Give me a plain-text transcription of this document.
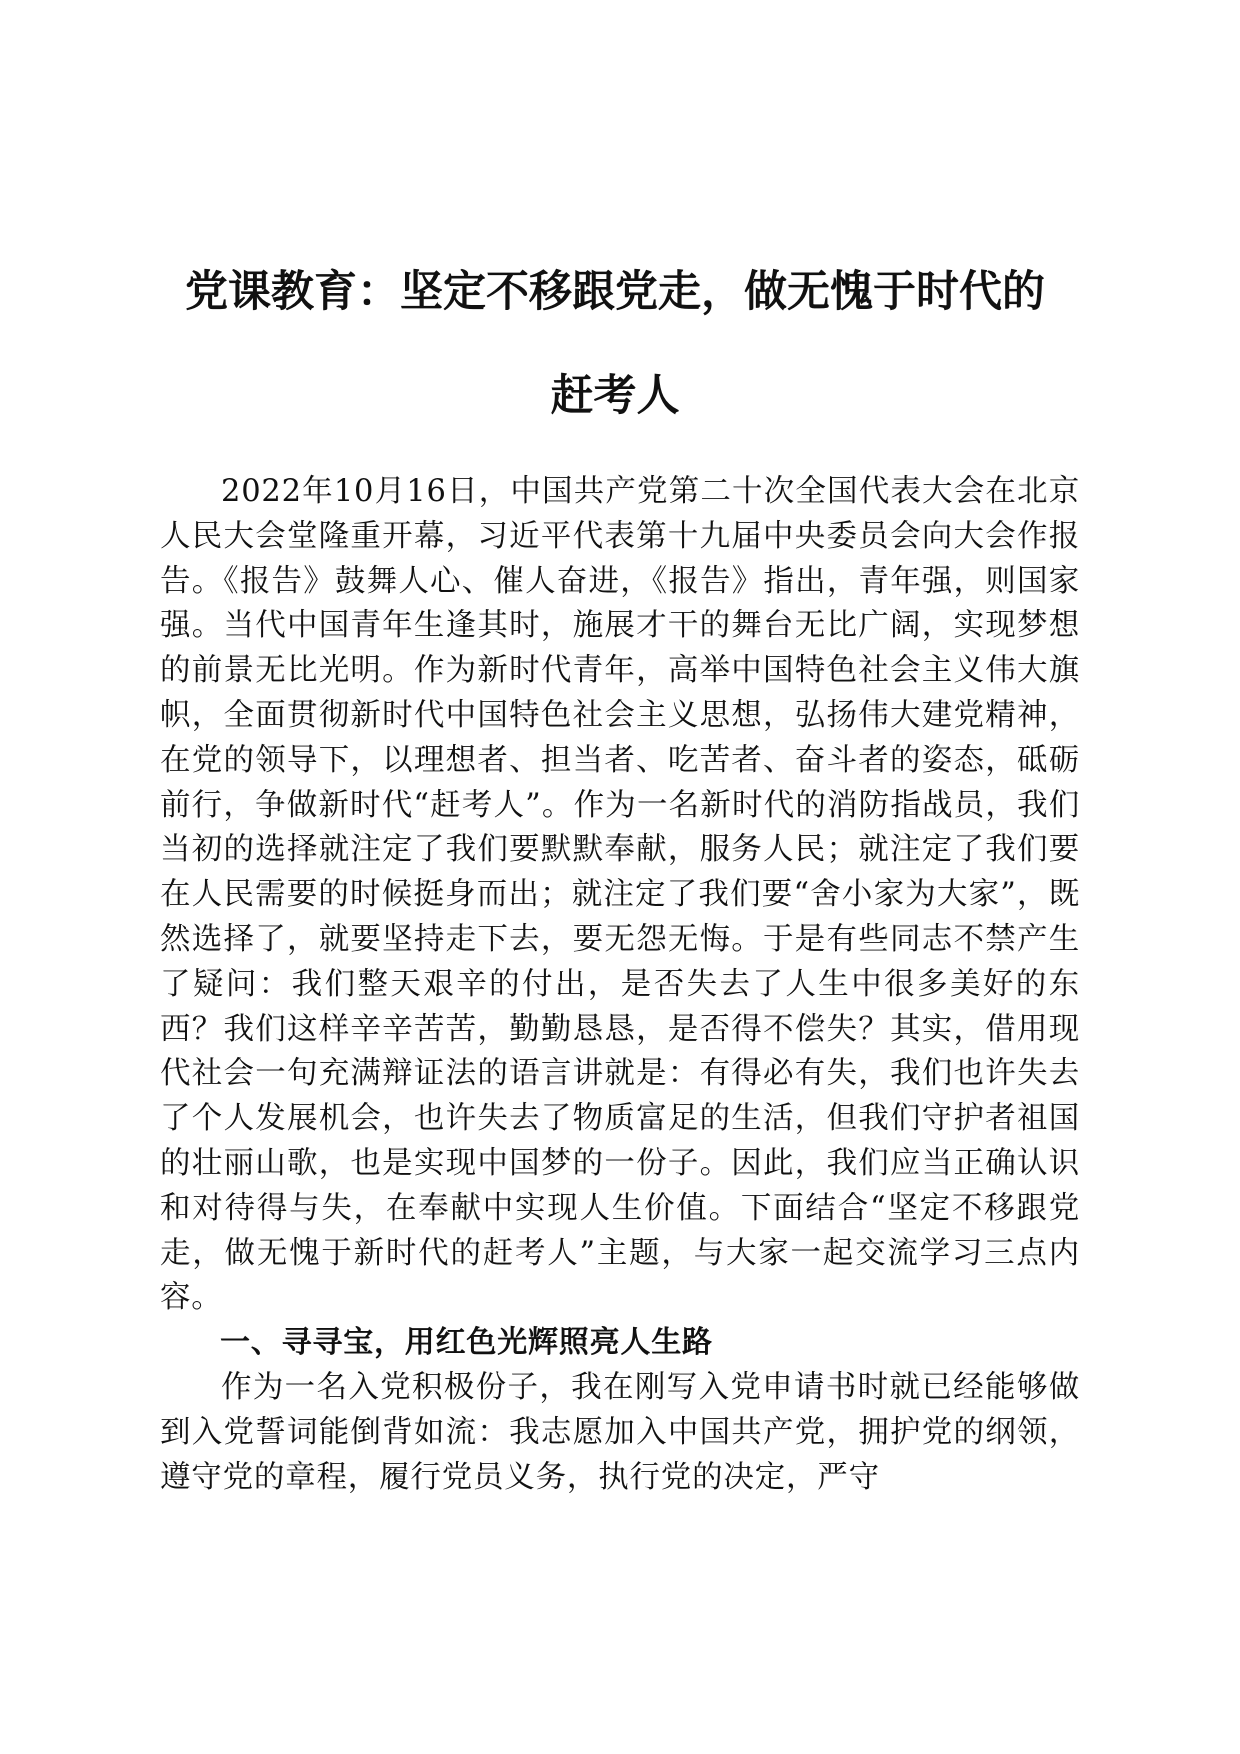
党课教育：坚定不移跟党走，做无愧于时代的
赶考人

2022年10月16日，中国共产党第二十次全国代表大会在北京人民大会堂隆重开幕，习近平代表第十九届中央委员会向大会作报告。《报告》鼓舞人心、催人奋进，《报告》指出，青年强，则国家强。当代中国青年生逢其时，施展才干的舞台无比广阔，实现梦想的前景无比光明。作为新时代青年，高举中国特色社会主义伟大旗帜，全面贯彻新时代中国特色社会主义思想，弘扬伟大建党精神，在党的领导下，以理想者、担当者、吃苦者、奋斗者的姿态，砥砺前行，争做新时代“赶考人”。作为一名新时代的消防指战员，我们当初的选择就注定了我们要默默奉献，服务人民；就注定了我们要在人民需要的时候挺身而出；就注定了我们要“舍小家为大家”，既然选择了，就要坚持走下去，要无怨无悔。于是有些同志不禁产生了疑问：我们整天艰辛的付出，是否失去了人生中很多美好的东西？我们这样辛辛苦苦，勤勤恳恳，是否得不偿失？其实，借用现代社会一句充满辩证法的语言讲就是：有得必有失，我们也许失去了个人发展机会，也许失去了物质富足的生活，但我们守护者祖国的壮丽山歌，也是实现中国梦的一份子。因此，我们应当正确认识和对待得与失，在奉献中实现人生价值。下面结合“坚定不移跟党走，做无愧于新时代的赶考人”主题，与大家一起交流学习三点内容。

一、寻寻宝，用红色光辉照亮人生路

作为一名入党积极份子，我在刚写入党申请书时就已经能够做到入党誓词能倒背如流：我志愿加入中国共产党，拥护党的纲领，遵守党的章程，履行党员义务，执行党的决定，严守
